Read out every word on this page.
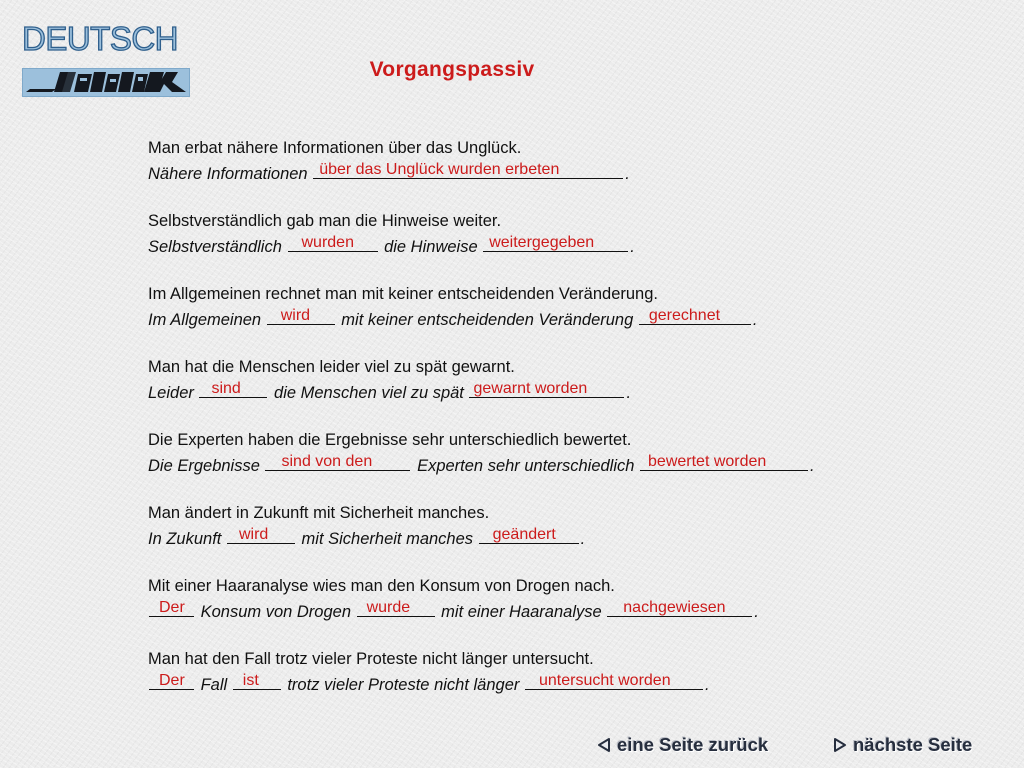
DEUTSCH
Vorgangspassiv
Man erbat nähere Informationen über das Unglück.
Nähere Informationen über das Unglück wurden erbeten	.
Selbstverständlich gab man die Hinweise weiter.
Selbstverständlich wurden die Hinweise weitergegeben .
Im Allgemeinen rechnet man mit keiner entscheidenden Veränderung.
Im Allgemeinen wird mit keiner entscheidenden Veränderung gerechnet .
Man hat die Menschen leider viel zu spät gewarnt.
Leider sind die Menschen viel zu spät gewarnt worden .
Die Experten haben die Ergebnisse sehr unterschiedlich bewertet.
Die Ergebnisse sind von den Experten sehr unterschiedlich bewertet worden	.
Man ändert in Zukunft mit Sicherheit manches.
In Zukunft wird mit Sicherheit manches geändert .
Mit einer Haaranalyse wies man den Konsum von Drogen nach.
Der Konsum von Drogen wurde mit einer Haaranalyse nachgewiesen .
Man hat den Fall trotz vieler Proteste nicht länger untersucht.
Der Fall ist trotz vieler Proteste nicht länger untersucht worden .
eine Seite zurück	nächste Seite
